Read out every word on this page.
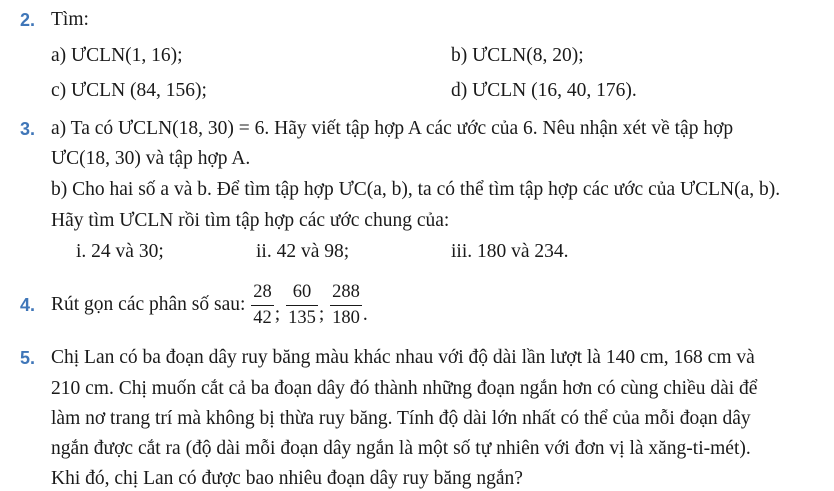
2. Tìm:
a) ƯCLN(1, 16);	b) ƯCLN(8, 20);
c) ƯCLN (84, 156);	d) ƯCLN (16, 40, 176).
3. a) Ta có ƯCLN(18, 30) = 6. Hãy viết tập hợp A các ước của 6. Nêu nhận xét về tập hợp
ƯC(18, 30) và tập hợp A.
b) Cho hai số a và b. Để tìm tập hợp ƯC(a, b), ta có thể tìm tập hợp các ước của ƯCLN(a, b).
Hãy tìm ƯCLN rồi tìm tập hợp các ước chung của:
i. 24 và 30;	ii. 42 và 98;	iii. 180 và 234.
4. Rút gọn các phân số sau: $\frac{28}{42}$ ; $\frac{60}{135}$ ; $\frac{288}{180}$ .
5. Chị Lan có ba đoạn dây ruy băng màu khác nhau với độ dài lần lượt là 140 cm, 168 cm và
210 cm. Chị muốn cắt cả ba đoạn dây đó thành những đoạn ngắn hơn có cùng chiều dài để
làm nơ trang trí mà không bị thừa ruy băng. Tính độ dài lớn nhất có thể của mỗi đoạn dây
ngắn được cắt ra (độ dài mỗi đoạn dây ngắn là một số tự nhiên với đơn vị là xăng-ti-mét).
Khi đó, chị Lan có được bao nhiêu đoạn dây ruy băng ngắn?
